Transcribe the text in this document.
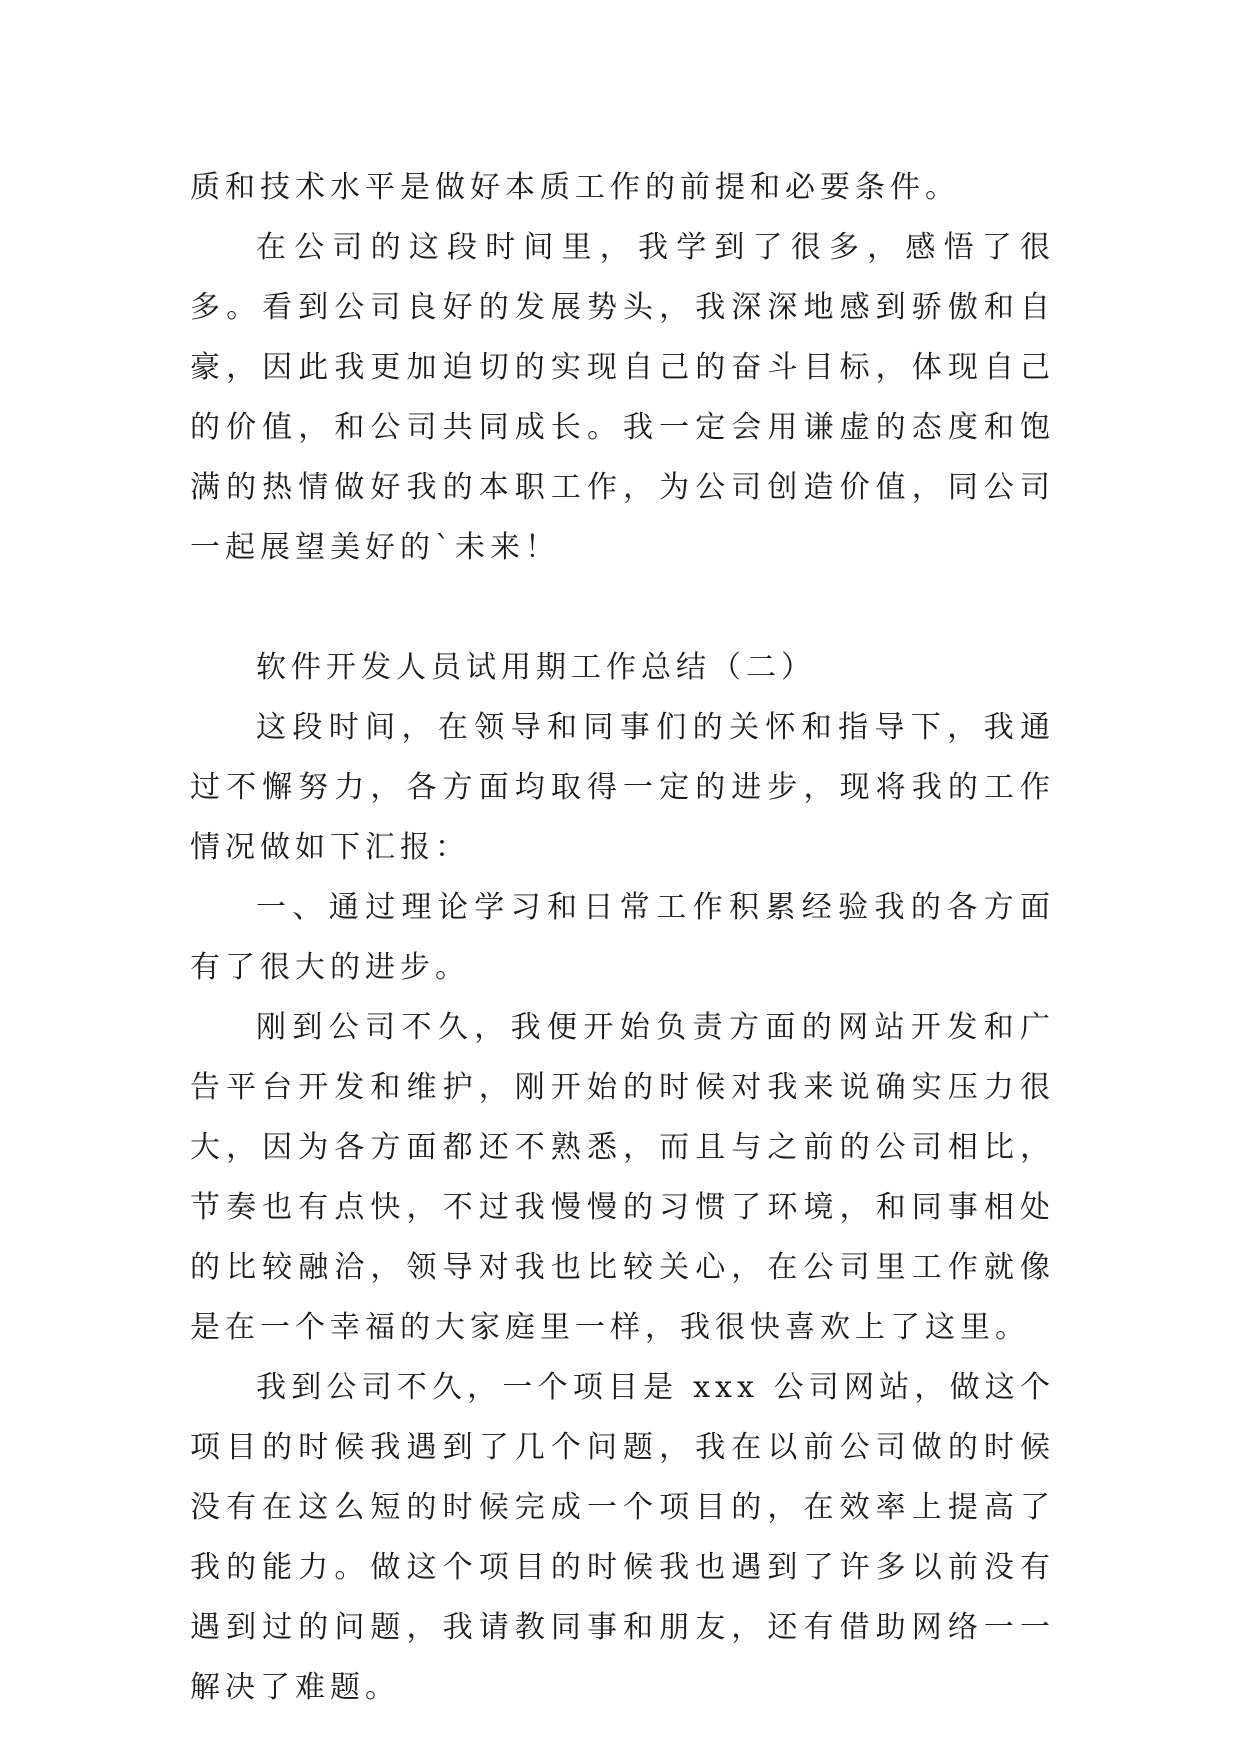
质和技术水平是做好本质工作的前提和必要条件。

在公司的这段时间里，我学到了很多，感悟了很多。看到公司良好的发展势头，我深深地感到骄傲和自豪，因此我更加迫切的实现自己的奋斗目标，体现自己的价值，和公司共同成长。我一定会用谦虚的态度和饱满的热情做好我的本职工作，为公司创造价值，同公司一起展望美好的`未来！

软件开发人员试用期工作总结（二）

这段时间，在领导和同事们的关怀和指导下，我通过不懈努力，各方面均取得一定的进步，现将我的工作情况做如下汇报：

一、通过理论学习和日常工作积累经验我的各方面有了很大的进步。

刚到公司不久，我便开始负责方面的网站开发和广告平台开发和维护，刚开始的时候对我来说确实压力很大，因为各方面都还不熟悉，而且与之前的公司相比，节奏也有点快，不过我慢慢的习惯了环境，和同事相处的比较融洽，领导对我也比较关心，在公司里工作就像是在一个幸福的大家庭里一样，我很快喜欢上了这里。

我到公司不久，一个项目是 xxx 公司网站，做这个项目的时候我遇到了几个问题，我在以前公司做的时候没有在这么短的时候完成一个项目的，在效率上提高了我的能力。做这个项目的时候我也遇到了许多以前没有遇到过的问题，我请教同事和朋友，还有借助网络一一解决了难题。
